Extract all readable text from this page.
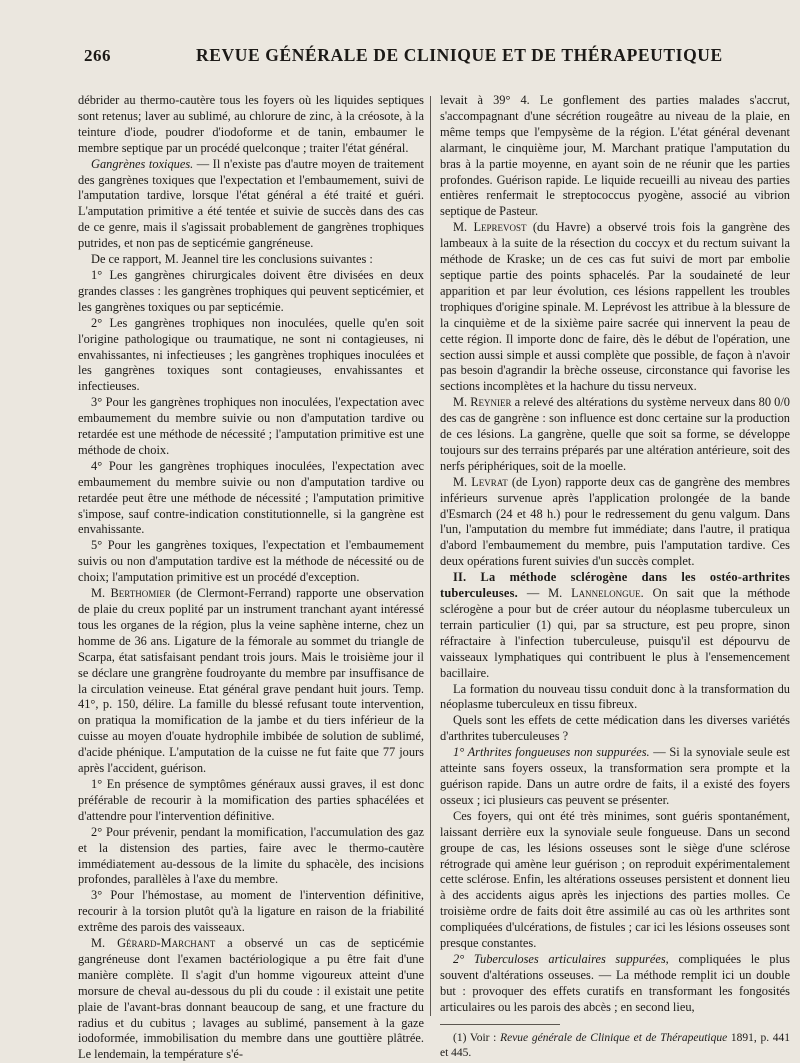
266	REVUE GÉNÉRALE DE CLINIQUE ET DE THÉRAPEUTIQUE

débrider au thermo-cautère tous les foyers où les liquides septiques sont retenus; laver au sublimé, au chlorure de zinc, à la créosote, à la teinture d'iode, poudrer d'iodoforme et de tanin, embaumer le membre septique par un procédé quelconque ; traiter l'état général.

Gangrènes toxiques. — Il n'existe pas d'autre moyen de traitement des gangrènes toxiques que l'expectation et l'embaumement, suivi de l'amputation tardive, lorsque l'état général a été traité et guéri. L'amputation primitive a été tentée et suivie de succès dans des cas de ce genre, mais il s'agissait probablement de gangrènes trophiques putrides, et non pas de septicémie gangréneuse.

De ce rapport, M. Jeannel tire les conclusions suivantes :

1° Les gangrènes chirurgicales doivent être divisées en deux grandes classes : les gangrènes trophiques qui peuvent septicémier, et les gangrènes toxiques ou par septicémie.

2° Les gangrènes trophiques non inoculées, quelle qu'en soit l'origine pathologique ou traumatique, ne sont ni contagieuses, ni envahissantes, ni infectieuses ; les gangrènes trophiques inoculées et les gangrènes toxiques sont contagieuses, envahissantes et infectieuses.

3° Pour les gangrènes trophiques non inoculées, l'expectation avec embaumement du membre suivie ou non d'amputation tardive ou retardée est une méthode de nécessité ; l'amputation primitive est une méthode de choix.

4° Pour les gangrènes trophiques inoculées, l'expectation avec embaumement du membre suivie ou non d'amputation tardive ou retardée peut être une méthode de nécessité ; l'amputation primitive s'impose, sauf contre-indication constitutionnelle, si la gangrène est envahissante.

5° Pour les gangrènes toxiques, l'expectation et l'embaumement suivis ou non d'amputation tardive est la méthode de nécessité ou de choix; l'amputation primitive est un procédé d'exception.

M. Berthomier (de Clermont-Ferrand) rapporte une observation de plaie du creux poplité par un instrument tranchant ayant intéressé tous les organes de la région, plus la veine saphène interne, chez un homme de 36 ans. Ligature de la fémorale au sommet du triangle de Scarpa, état satisfaisant pendant trois jours. Mais le troisième jour il se déclare une grangrène foudroyante du membre par insuffisance de la circulation veineuse. Etat général grave pendant huit jours. Temp. 41°, p. 150, délire. La famille du blessé refusant toute intervention, on pratiqua la momification de la jambe et du tiers inférieur de la cuisse au moyen d'ouate hydrophile imbibée de solution de sublimé, d'acide phénique. L'amputation de la cuisse ne fut faite que 77 jours après l'accident, guérison.

1° En présence de symptômes généraux aussi graves, il est donc préférable de recourir à la momification des parties sphacélées et d'attendre pour l'intervention définitive.

2° Pour prévenir, pendant la momification, l'accumulation des gaz et la distension des parties, faire avec le thermo-cautère immédiatement au-dessous de la limite du sphacèle, des incisions profondes, parallèles à l'axe du membre.

3° Pour l'hémostase, au moment de l'intervention définitive, recourir à la torsion plutôt qu'à la ligature en raison de la friabilité extrême des parois des vaisseaux.

M. Gérard-Marchant a observé un cas de septicémie gangréneuse dont l'examen bactériologique a pu être fait d'une manière complète. Il s'agit d'un homme vigoureux atteint d'une morsure de cheval au-dessous du pli du coude : il existait une petite plaie de l'avant-bras donnant beaucoup de sang, et une fracture du radius et du cubitus ; lavages au sublimé, pansement à la gaze iodoformée, immobilisation du membre dans une gouttière plâtrée. Le lendemain, la température s'é-

levait à 39° 4. Le gonflement des parties malades s'accrut, s'accompagnant d'une sécrétion rougeâtre au niveau de la plaie, en même temps que l'empysème de la région. L'état général devenant alarmant, le cinquième jour, M. Marchant pratique l'amputation du bras à la partie moyenne, en ayant soin de ne réunir que les parties profondes. Guérison rapide. Le liquide recueilli au niveau des parties entières renfermait le streptococcus pyogène, associé au vibrion septique de Pasteur.

M. Leprevost (du Havre) a observé trois fois la gangrène des lambeaux à la suite de la résection du coccyx et du rectum suivant la méthode de Kraske; un de ces cas fut suivi de mort par embolie septique partie des points sphacelés. Par la soudaineté de leur apparition et par leur évolution, ces lésions rappellent les troubles trophiques d'origine spinale. M. Leprévost les attribue à la blessure de la cinquième et de la sixième paire sacrée qui innervent la peau de cette région. Il importe donc de faire, dès le début de l'opération, une section aussi simple et aussi complète que possible, de façon à n'avoir pas besoin d'agrandir la brèche osseuse, circonstance qui favorise les sections incomplètes et la hachure du tissu nerveux.

M. Reynier a relevé des altérations du système nerveux dans 80 0/0 des cas de gangrène : son influence est donc certaine sur la production de ces lésions. La gangrène, quelle que soit sa forme, se développe toujours sur des terrains préparés par une altération antérieure, soit des nerfs périphériques, soit de la moelle.

M. Levrat (de Lyon) rapporte deux cas de gangrène des membres inférieurs survenue après l'application prolongée de la bande d'Esmarch (24 et 48 h.) pour le redressement du genu valgum. Dans l'un, l'amputation du membre fut immédiate; dans l'autre, il pratiqua d'abord l'embaumement du membre, puis l'amputation tardive. Ces deux opérations furent suivies d'un succès complet.

II. La méthode sclérogène dans les ostéo-arthrites tuberculeuses. — M. Lannelongue. On sait que la méthode sclérogène a pour but de créer autour du néoplasme tuberculeux un terrain particulier (1) qui, par sa structure, est peu propre, sinon réfractaire à l'infection tuberculeuse, puisqu'il est dépourvu de vaisseaux lymphatiques qui contribuent le plus à l'ensemencement bacillaire.

La formation du nouveau tissu conduit donc à la transformation du néoplasme tuberculeux en tissu fibreux.

Quels sont les effets de cette médication dans les diverses variétés d'arthrites tuberculeuses ?

1° Arthrites fongueuses non suppurées. — Si la synoviale seule est atteinte sans foyers osseux, la transformation sera prompte et la guérison rapide. Dans un autre ordre de faits, il a existé des foyers osseux ; ici plusieurs cas peuvent se présenter.

Ces foyers, qui ont été très minimes, sont guéris spontanément, laissant derrière eux la synoviale seule fongueuse. Dans un second groupe de cas, les lésions osseuses sont le siège d'une sclérose rétrograde qui amène leur guérison ; on reproduit expérimentalement cette sclérose. Enfin, les altérations osseuses persistent et donnent lieu à des accidents aigus après les injections des parties molles. Ce troisième ordre de faits doit être assimilé au cas où les arthrites sont compliquées d'ulcérations, de fistules ; car ici les lésions osseuses sont presque constantes.

2° Tuberculoses articulaires suppurées, compliquées le plus souvent d'altérations osseuses. — La méthode remplit ici un double but : provoquer des effets curatifs en transformant les fongosités articulaires ou les parois des abcès ; en second lieu,

(1) Voir : Revue générale de Clinique et de Thérapeutique 1891, p. 441 et 445.
